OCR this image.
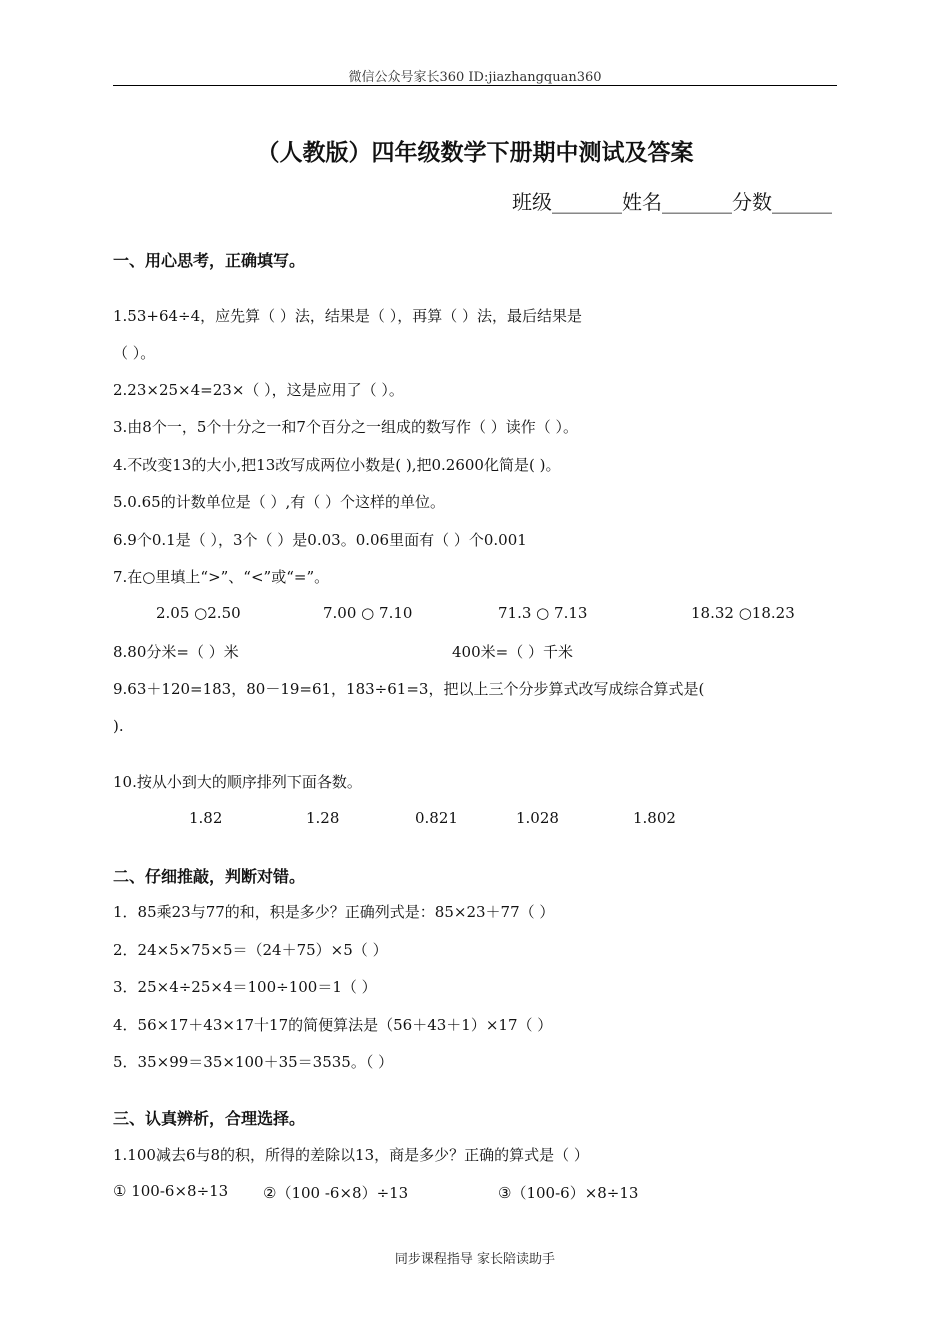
微信公众号家长360 ID:jiazhangquan360
（人教版）四年级数学下册期中测试及答案
班级_______姓名_______分数______
一、用心思考，正确填写。
1.53+64÷4，应先算（ ）法，结果是（ ），再算（ ）法，最后结果是
（ ）。
2.23×25×4=23×（ ），这是应用了（ ）。
3.由8个一，5个十分之一和7个百分之一组成的数写作（ ）读作（ ）。
4.不改变13的大小,把13改写成两位小数是( ),把0.2600化简是( )。
5.0.65的计数单位是（ ）,有（ ）个这样的单位。
6.9个0.1是（ ），3个（ ）是0.03。0.06里面有（ ）个0.001
7.在○里填上“>”、“<”或“=”。
2.05 ○2.50	7.00 ○ 7.10	71.3 ○ 7.13	18.32 ○18.23
8.80分米=（ ）米	400米=（ ）千米
9.63＋120=183，80－19=61，183÷61=3，把以上三个分步算式改写成综合算式是(
).
10.按从小到大的顺序排列下面各数。
1.82	1.28	0.821	1.028	1.802
二、仔细推敲，判断对错。
1．85乘23与77的和，积是多少？正确列式是：85×23＋77（ ）
2．24×5×75×5＝（24＋75）×5（ ）
3．25×4÷25×4＝100÷100＝1（ ）
4．56×17＋43×17十17的简便算法是（56＋43＋1）×17（ ）
5．35×99＝35×100＋35＝3535。（ ）
三、认真辨析，合理选择。
1.100减去6与8的积，所得的差除以13，商是多少？正确的算式是（ ）
① 100-6×8÷13 ②（100 -6×8）÷13	③（100-6）×8÷13
同步课程指导 家长陪读助手
